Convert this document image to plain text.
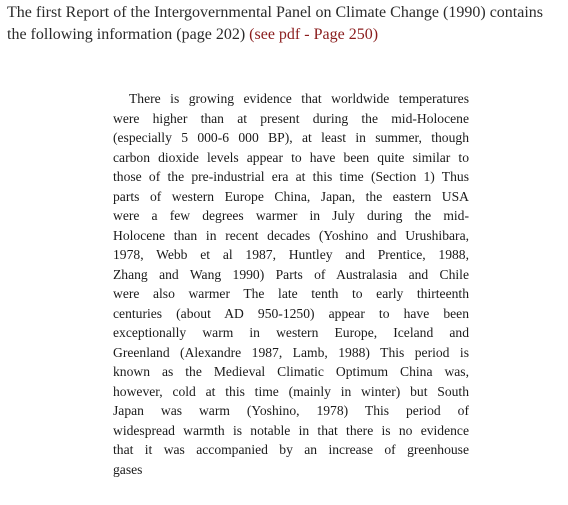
The first Report of the Intergovernmental Panel on Climate Change (1990) contains the following information (page 202) (see pdf - Page 250)
There is growing evidence that worldwide temperatures
were higher than at present during the mid-Holocene
(especially 5 000-6 000 BP), at least in summer, though
carbon dioxide levels appear to have been quite similar to
those of the pre-industrial era at this time (Section 1) Thus
parts of western Europe China, Japan, the eastern USA
were a few degrees warmer in July during the mid-
Holocene than in recent decades (Yoshino and Urushibara,
1978, Webb et al 1987, Huntley and Prentice, 1988,
Zhang and Wang 1990) Parts of Australasia and Chile
were also warmer The late tenth to early thirteenth
centuries (about AD 950-1250) appear to have been
exceptionally warm in western Europe, Iceland and
Greenland (Alexandre 1987, Lamb, 1988) This period is
known as the Medieval Climatic Optimum China was,
however, cold at this time (mainly in winter) but South
Japan was warm (Yoshino, 1978) This period of
widespread warmth is notable in that there is no evidence
that it was accompanied by an increase of greenhouse
gases
